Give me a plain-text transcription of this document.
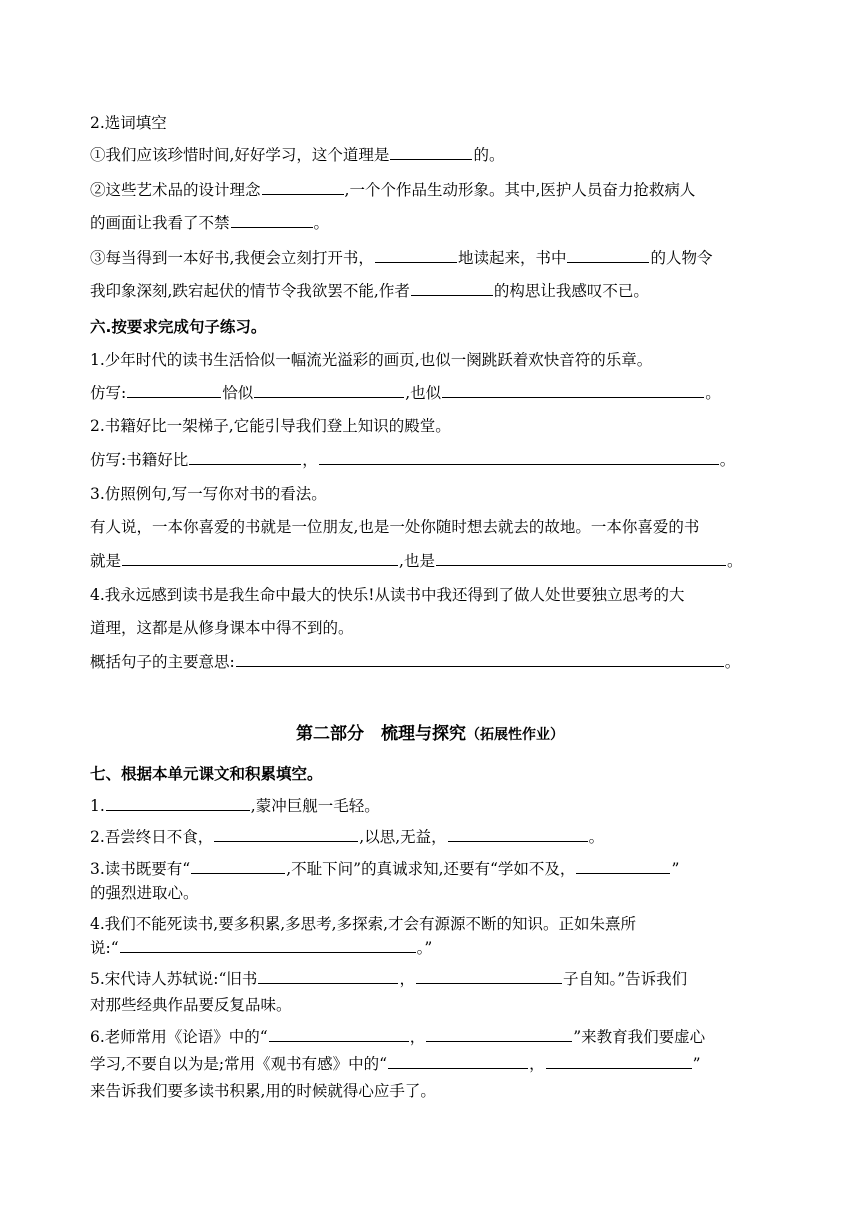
2.选词填空
①我们应该珍惜时间,好好学习，这个道理是	的。
②这些艺术品的设计理念	,一个个作品生动形象。其中,医护人员奋力抢救病人
的画面让我看了不禁	。
③每当得到一本好书,我便会立刻打开书，	地读起来，书中	的人物令
我印象深刻,跌宕起伏的情节令我欲罢不能,作者	的构思让我感叹不已。
六.按要求完成句子练习。
1.少年时代的读书生活恰似一幅流光溢彩的画页,也似一阕跳跃着欢快音符的乐章。
仿写:	恰似	,也似	。
2.书籍好比一架梯子,它能引导我们登上知识的殿堂。
仿写:书籍好比	，	。
3.仿照例句,写一写你对书的看法。
有人说，一本你喜爱的书就是一位朋友,也是一处你随时想去就去的故地。一本你喜爱的书
就是	,也是	。
4.我永远感到读书是我生命中最大的快乐!从读书中我还得到了做人处世要独立思考的大
道理，这都是从修身课本中得不到的。
概括句子的主要意思:	。
第二部分　梳理与探究（拓展性作业）
七、根据本单元课文和积累填空。
1.	,蒙冲巨舰一毛轻。
2.吾尝终日不食，	,以思,无益，	。
3.读书既要有“	,不耻下问”的真诚求知,还要有“学如不及，	”
的强烈进取心。
4.我们不能死读书,要多积累,多思考,多探索,才会有源源不断的知识。正如朱熹所
说:“	。”
5.宋代诗人苏轼说:“旧书	，	子自知。”告诉我们
对那些经典作品要反复品味。
6.老师常用《论语》中的“	，	”来教育我们要虚心
学习,不要自以为是;常用《观书有感》中的“	，	”
来告诉我们要多读书积累,用的时候就得心应手了。
